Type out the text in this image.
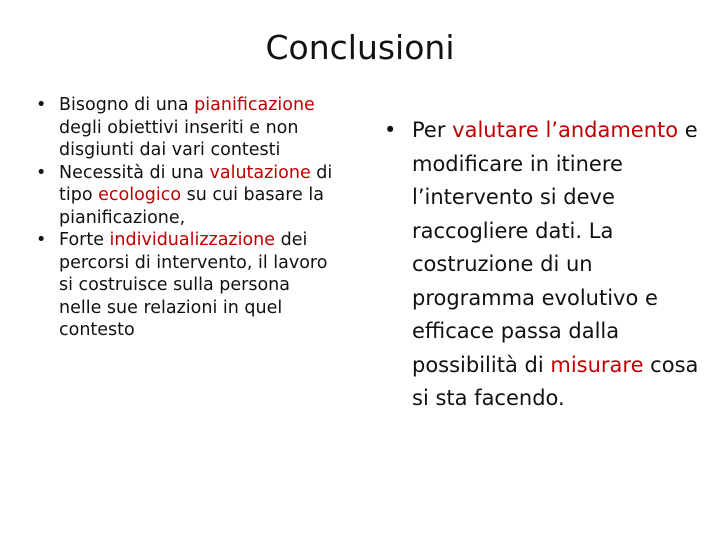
Conclusioni
• Bisogno di una pianificazione degli obiettivi inseriti e non disgiunti dai vari contesti
• Necessità di una valutazione di tipo ecologico su cui basare la pianificazione,
• Forte individualizzazione dei percorsi di intervento, il lavoro si costruisce sulla persona nelle sue relazioni in quel contesto
• Per valutare l’andamento e modificare in itinere l’intervento si deve raccogliere dati. La costruzione di un programma evolutivo e efficace passa dalla possibilità di misurare cosa si sta facendo.
